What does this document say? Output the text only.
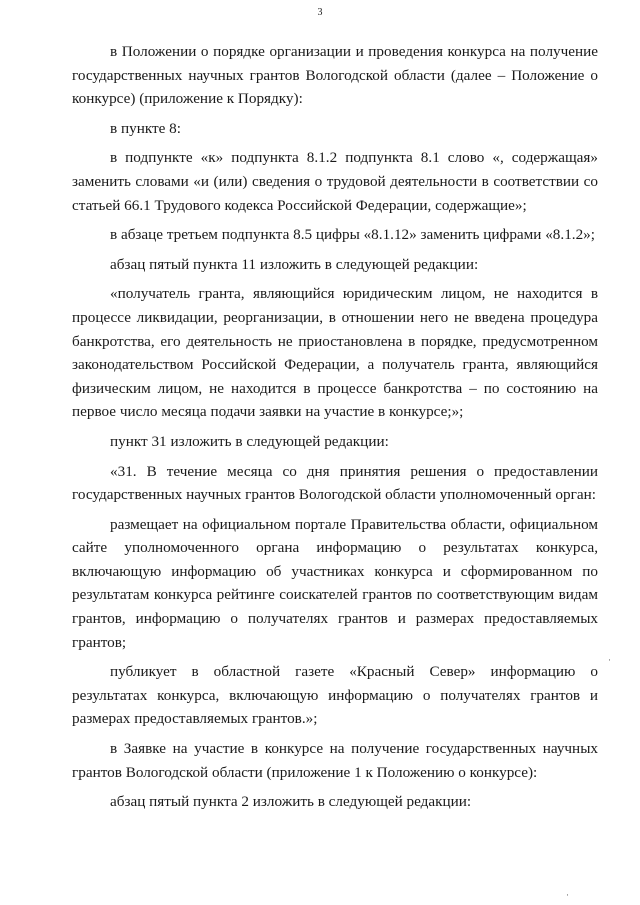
3

в Положении о порядке организации и проведения конкурса на получение государственных научных грантов Вологодской области (далее – Положение о конкурсе) (приложение к Порядку):

в пункте 8:

в подпункте «к» подпункта 8.1.2 подпункта 8.1 слово «, содержащая» заменить словами «и (или) сведения о трудовой деятельности в соответствии со статьей 66.1 Трудового кодекса Российской Федерации, содержащие»;

в абзаце третьем подпункта 8.5 цифры «8.1.12» заменить цифрами «8.1.2»;

абзац пятый пункта 11 изложить в следующей редакции:

«получатель гранта, являющийся юридическим лицом, не находится в процессе ликвидации, реорганизации, в отношении него не введена процедура банкротства, его деятельность не приостановлена в порядке, предусмотренном законодательством Российской Федерации, а получатель гранта, являющийся физическим лицом, не находится в процессе банкротства – по состоянию на первое число месяца подачи заявки на участие в конкурсе;»;

пункт 31 изложить в следующей редакции:

«31. В течение месяца со дня принятия решения о предоставлении государственных научных грантов Вологодской области уполномоченный орган:

размещает на официальном портале Правительства области, официальном сайте уполномоченного органа информацию о результатах конкурса, включающую информацию об участниках конкурса и сформированном по результатам конкурса рейтинге соискателей грантов по соответствующим видам грантов, информацию о получателях грантов и размерах предоставляемых грантов;

публикует в областной газете «Красный Север» информацию о результатах конкурса, включающую информацию о получателях грантов и размерах предоставляемых грантов.»;

в Заявке на участие в конкурсе на получение государственных научных грантов Вологодской области (приложение 1 к Положению о конкурсе):

абзац пятый пункта 2 изложить в следующей редакции:

·
·
